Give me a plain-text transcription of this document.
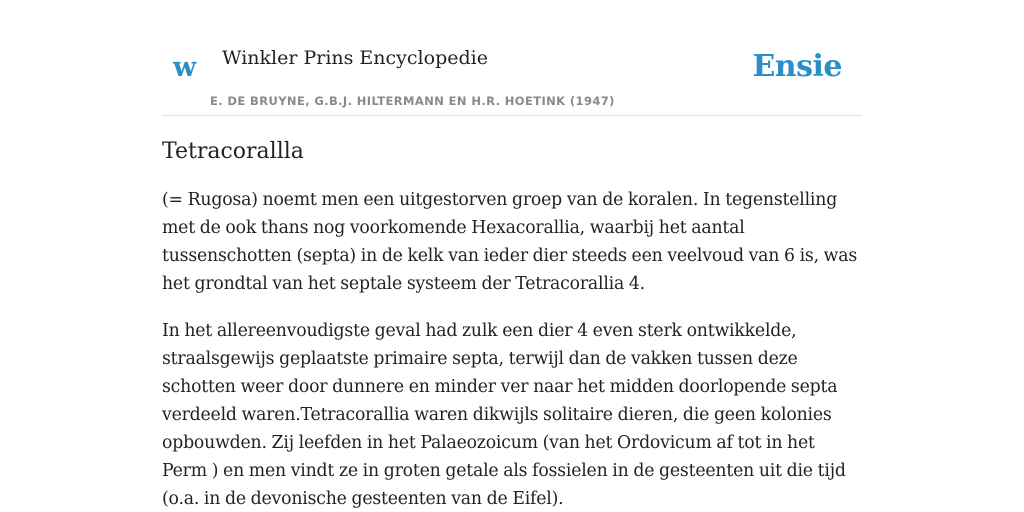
w Winkler Prins Encyclopedie
E. DE BRUYNE, G.B.J. HILTERMANN EN H.R. HOETINK (1947)
Ensie
Tetracorallla

(= Rugosa) noemt men een uitgestorven groep van de koralen. In tegenstelling met de ook thans nog voorkomende Hexacorallia, waarbij het aantal tussenschotten (septa) in de kelk van ieder dier steeds een veelvoud van 6 is, was het grondtal van het septale systeem der Tetracorallia 4.

In het allereenvoudigste geval had zulk een dier 4 even sterk ontwikkelde, straalsgewijs geplaatste primaire septa, terwijl dan de vakken tussen deze schotten weer door dunnere en minder ver naar het midden doorlopende septa verdeeld waren.Tetracorallia waren dikwijls solitaire dieren, die geen kolonies opbouwden. Zij leefden in het Palaeozoicum (van het Ordovicum af tot in het Perm ) en men vindt ze in groten getale als fossielen in de gesteenten uit die tijd (o.a. in de devonische gesteenten van de Eifel).
